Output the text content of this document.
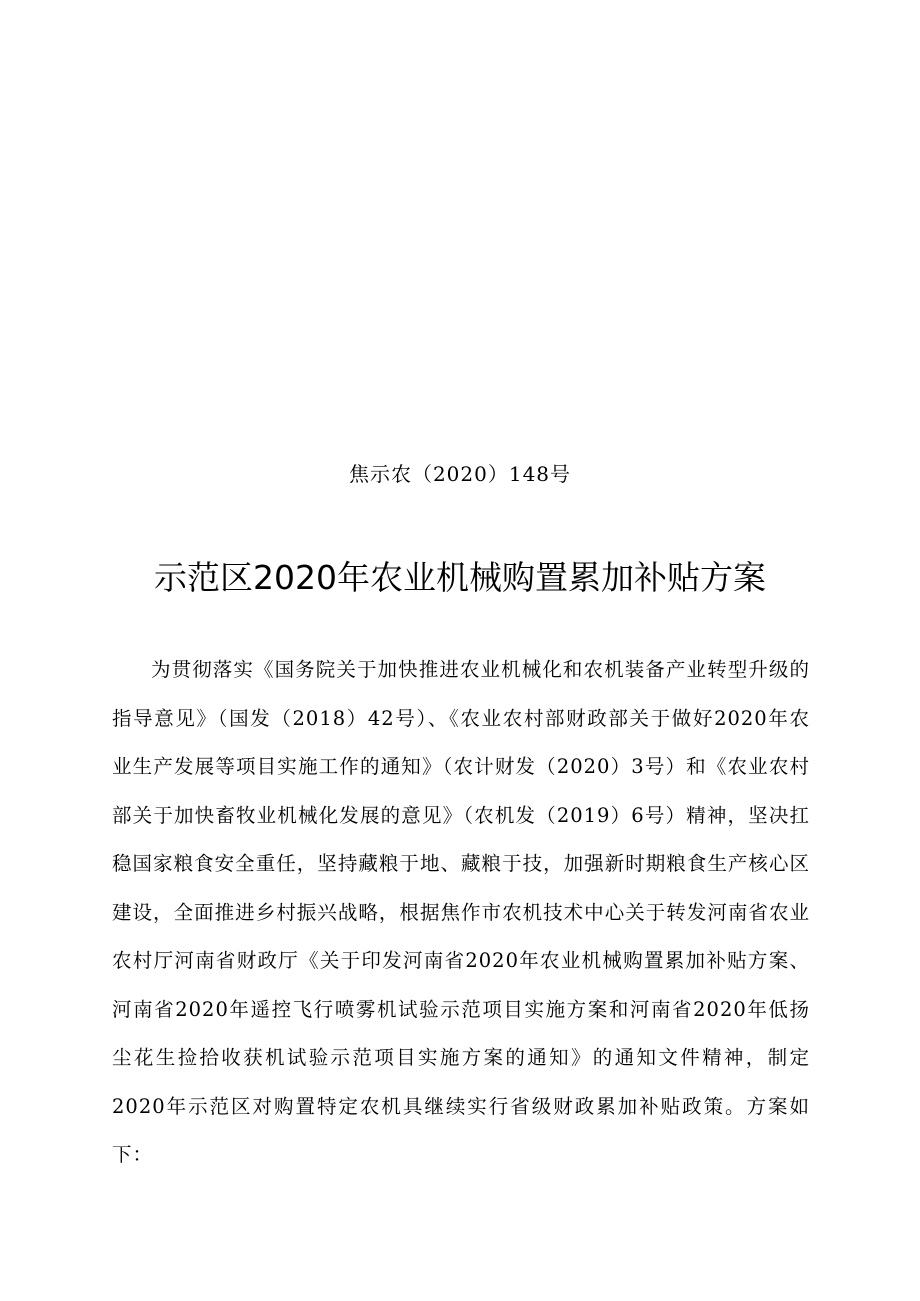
焦示农（2020）148号
示范区2020年农业机械购置累加补贴方案

为贯彻落实《国务院关于加快推进农业机械化和农机装备产业转型升级的指导意见》（国发（2018）42号）、《农业农村部财政部关于做好2020年农业生产发展等项目实施工作的通知》（农计财发（2020）3号）和《农业农村部关于加快畜牧业机械化发展的意见》（农机发（2019）6号）精神，坚决扛稳国家粮食安全重任，坚持藏粮于地、藏粮于技，加强新时期粮食生产核心区建设，全面推进乡村振兴战略，根据焦作市农机技术中心关于转发河南省农业农村厅河南省财政厅《关于印发河南省2020年农业机械购置累加补贴方案、河南省2020年遥控飞行喷雾机试验示范项目实施方案和河南省2020年低扬尘花生捡拾收获机试验示范项目实施方案的通知》的通知文件精神，制定2020年示范区对购置特定农机具继续实行省级财政累加补贴政策。方案如下：
